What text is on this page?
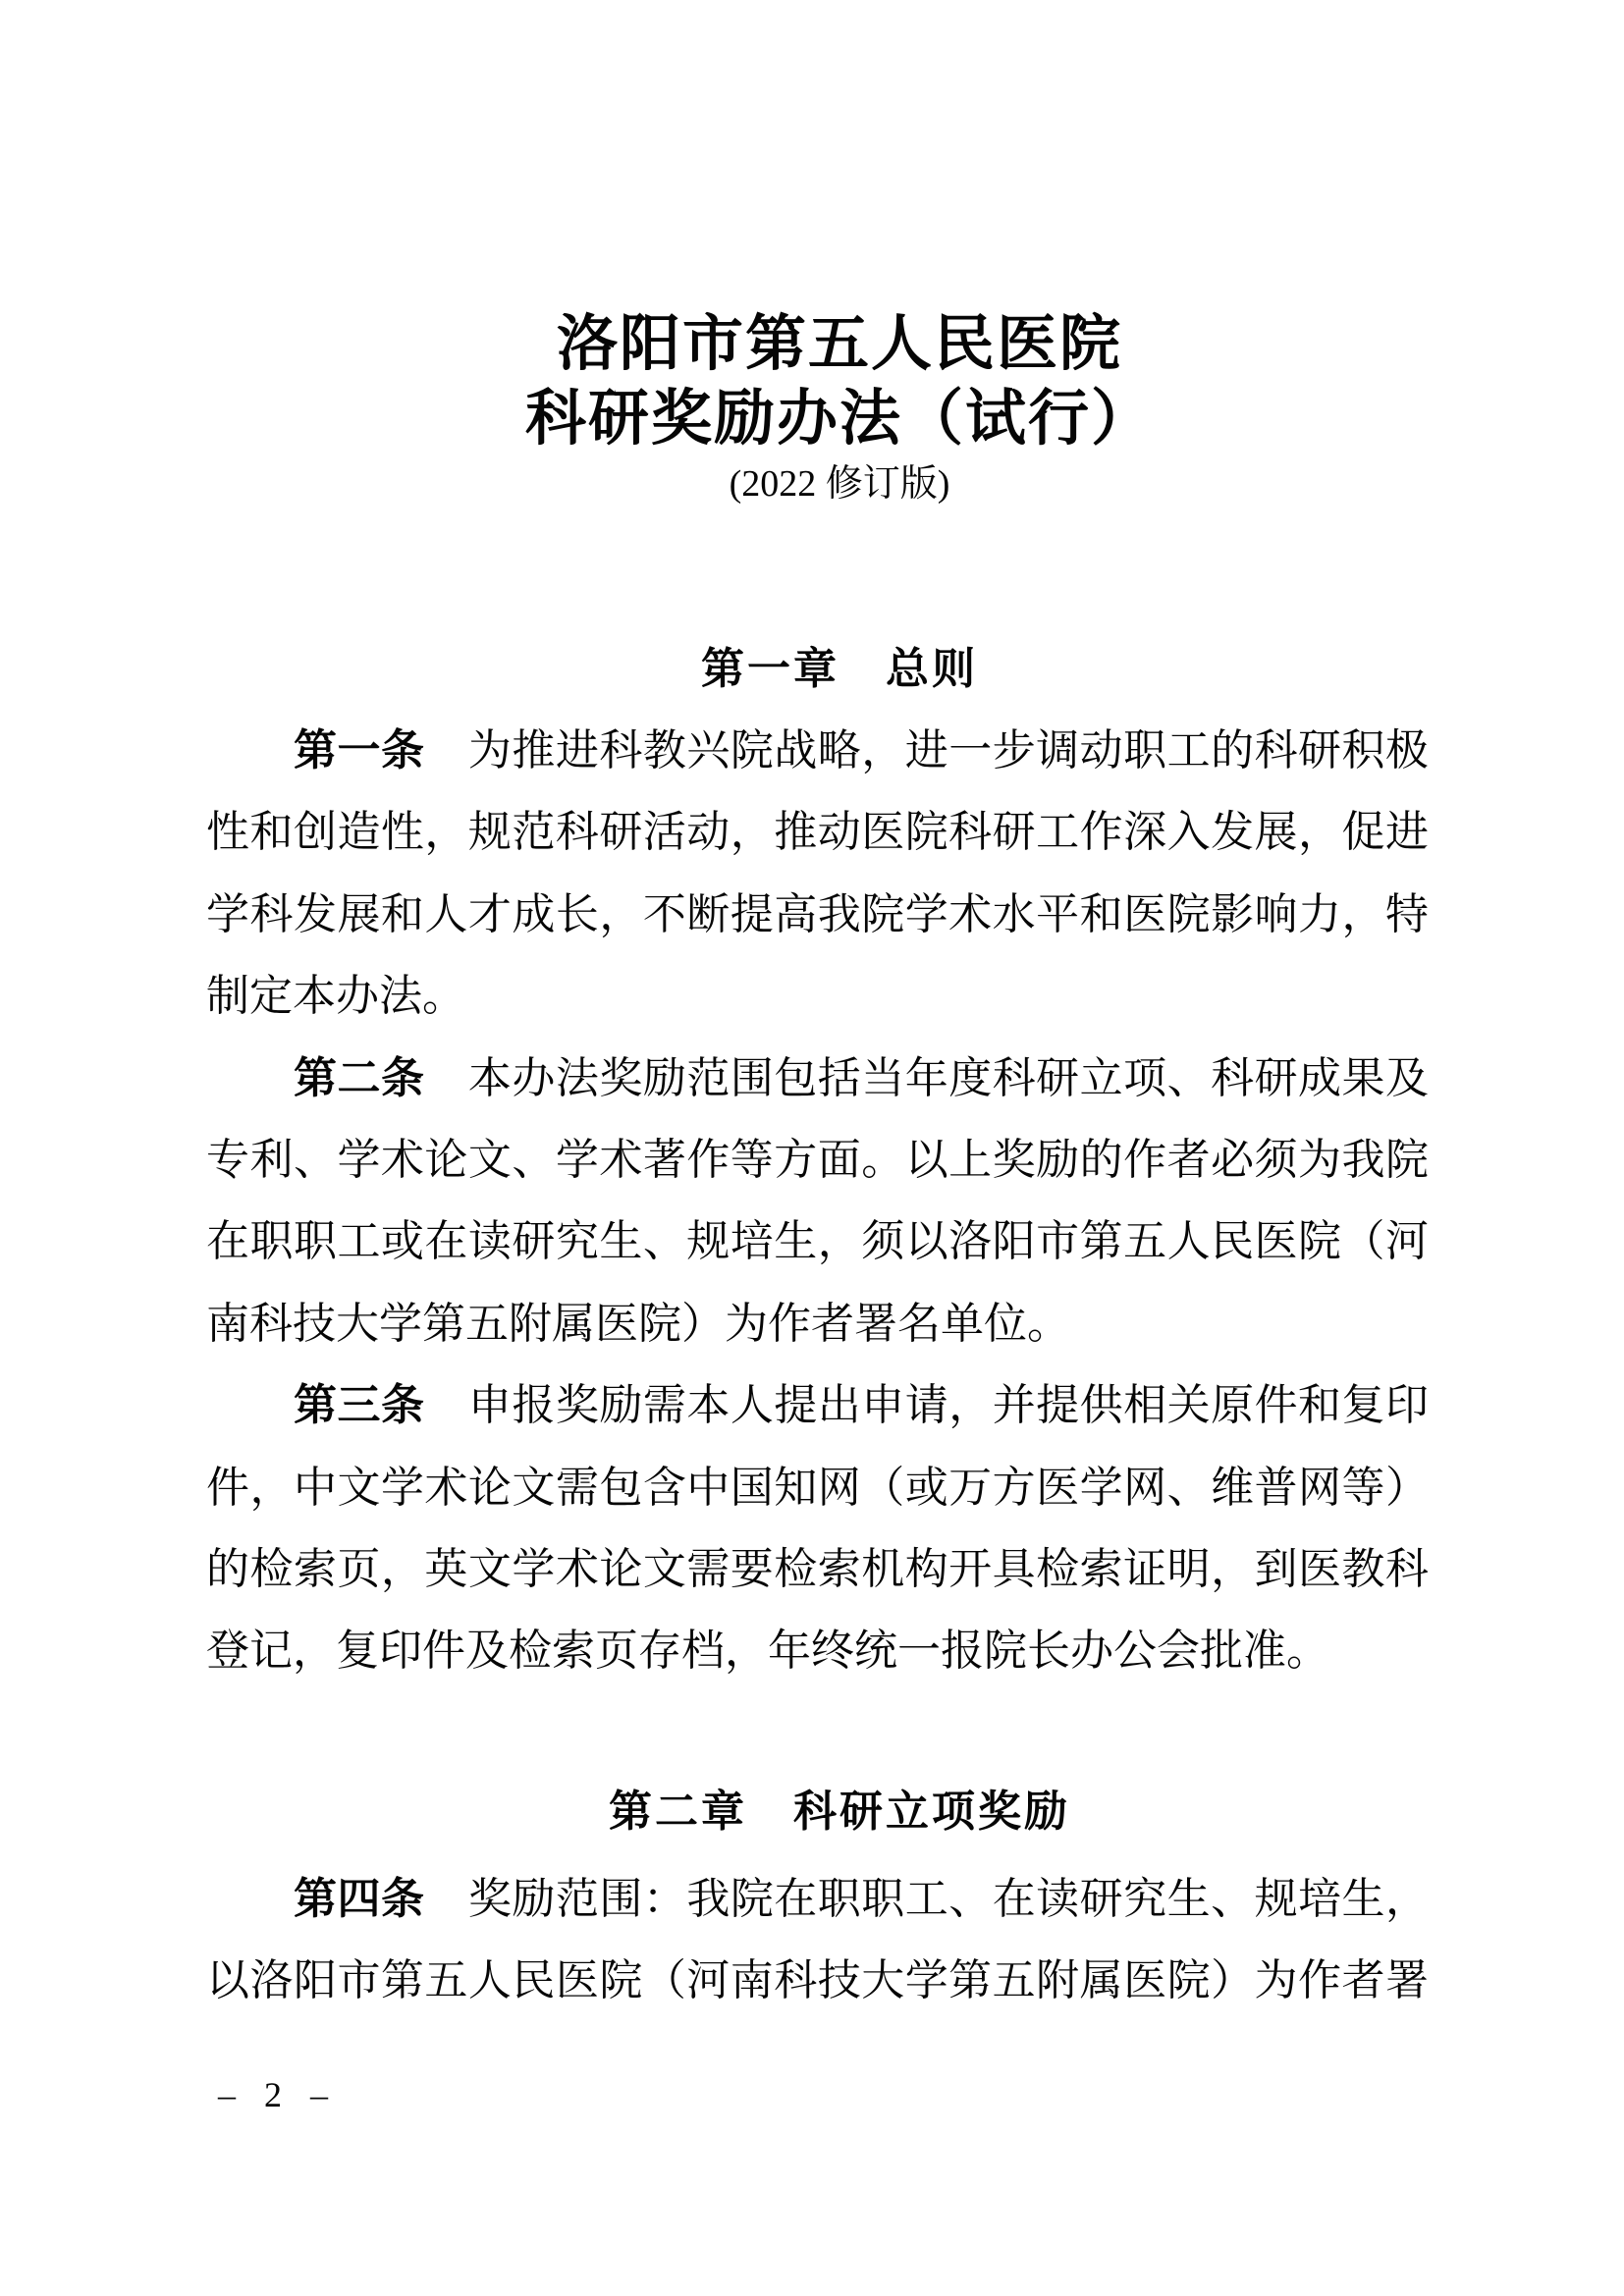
洛阳市第五人民医院
科研奖励办法（试行）
(2022 修订版)
第一章　总则
第一条 为推进科教兴院战略，进一步调动职工的科研积极
性和创造性，规范科研活动，推动医院科研工作深入发展，促进
学科发展和人才成长，不断提高我院学术水平和医院影响力，特
制定本办法。
第二条 本办法奖励范围包括当年度科研立项、科研成果及
专利、学术论文、学术著作等方面。以上奖励的作者必须为我院
在职职工或在读研究生、规培生，须以洛阳市第五人民医院（河
南科技大学第五附属医院）为作者署名单位。
第三条 申报奖励需本人提出申请，并提供相关原件和复印
件，中文学术论文需包含中国知网（或万方医学网、维普网等）
的检索页，英文学术论文需要检索机构开具检索证明，到医教科
登记，复印件及检索页存档，年终统一报院长办公会批准。
第二章　科研立项奖励
第四条 奖励范围：我院在职职工、在读研究生、规培生，
以洛阳市第五人民医院（河南科技大学第五附属医院）为作者署
– 2 –
